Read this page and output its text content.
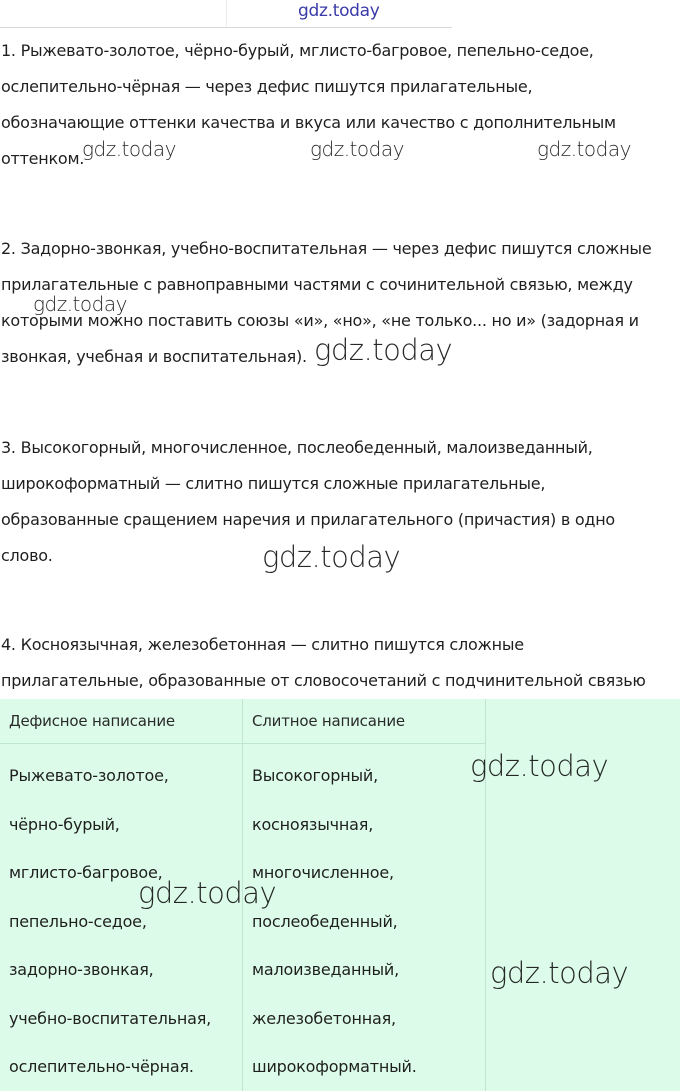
gdz.today
1. Рыжевато-золотое, чёрно-бурый, мглисто-багровое, пепельно-седое,
ослепительно-чёрная — через дефис пишутся прилагательные,
обозначающие оттенки качества и вкуса или качество с дополнительным
оттенком.
2. Задорно-звонкая, учебно-воспитательная — через дефис пишутся сложные
прилагательные с равноправными частями с сочинительной связью, между
которыми можно поставить союзы «и», «но», «не только... но и» (задорная и
звонкая, учебная и воспитательная).
3. Высокогорный, многочисленное, послеобеденный, малоизведанный,
широкоформатный — слитно пишутся сложные прилагательные,
образованные сращением наречия и прилагательного (причастия) в одно
слово.
4. Косноязычная, железобетонная — слитно пишутся сложные
прилагательные, образованные от словосочетаний с подчинительной связью
Дефисное написание
Рыжевато-золотое,
чёрно-бурый,
мглисто-багровое,
пепельно-седое,
задорно-звонкая,
учебно-воспитательная,
ослепительно-чёрная.
Слитное написание
Высокогорный,
косноязычная,
многочисленное,
послеобеденный,
малоизведанный,
железобетонная,
широкоформатный.
gdz.today	gdz.today	gdz.today
gdz.today
gdz.today
gdz.today
gdz.today
gdz.today
gdz.today
